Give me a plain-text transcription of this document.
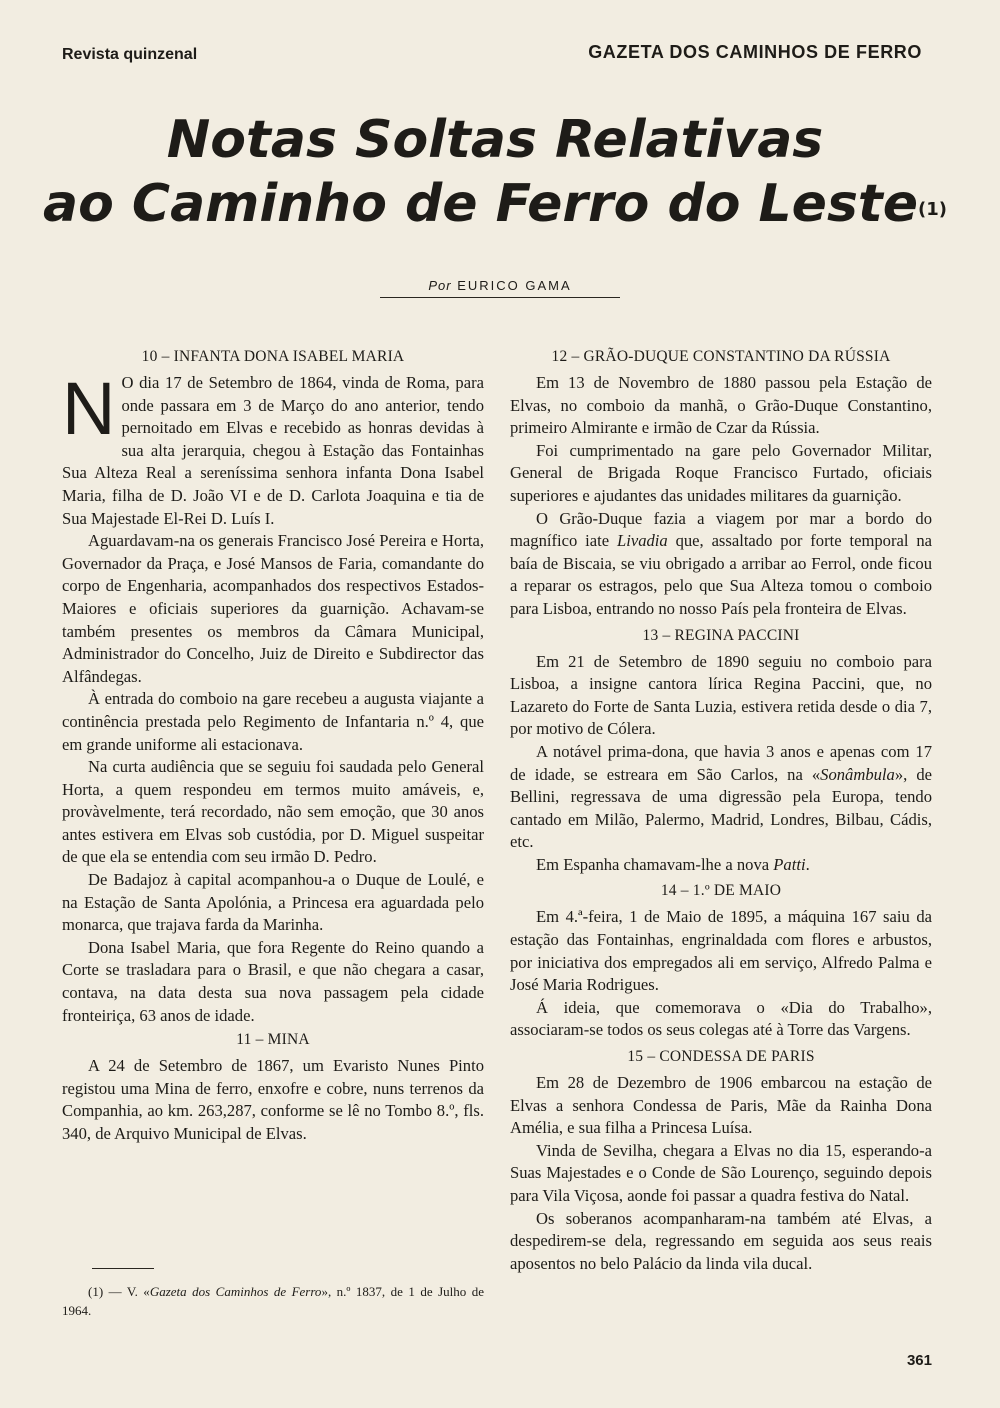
Revista quinzenal	GAZETA DOS CAMINHOS DE FERRO
Notas Soltas Relativas
ao Caminho de Ferro do Leste$^{(1)}$
Por EURICO GAMA
10 – INFANTA DONA ISABEL MARIA

N O dia 17 de Setembro de 1864, vinda de Roma, para onde passara em 3 de Março do ano anterior, tendo pernoitado em Elvas e recebido as honras devidas à sua alta jerarquia, chegou à Estação das Fontainhas Sua Alteza Real a sereníssima senhora infanta Dona Isabel Maria, filha de D. João VI e de D. Carlota Joaquina e tia de Sua Majestade El-Rei D. Luís I.

Aguardavam-na os generais Francisco José Pereira e Horta, Governador da Praça, e José Mansos de Faria, comandante do corpo de Engenharia, acompanhados dos respectivos Estados-Maiores e oficiais superiores da guarnição. Achavam-se também presentes os membros da Câmara Municipal, Administrador do Concelho, Juiz de Direito e Subdirector das Alfândegas.

À entrada do comboio na gare recebeu a augusta viajante a continência prestada pelo Regimento de Infantaria n.º 4, que em grande uniforme ali estacionava.

Na curta audiência que se seguiu foi saudada pelo General Horta, a quem respondeu em termos muito amáveis, e, provàvelmente, terá recordado, não sem emoção, que 30 anos antes estivera em Elvas sob custódia, por D. Miguel suspeitar de que ela se entendia com seu irmão D. Pedro.

De Badajoz à capital acompanhou-a o Duque de Loulé, e na Estação de Santa Apolónia, a Princesa era aguardada pelo monarca, que trajava farda da Marinha.

Dona Isabel Maria, que fora Regente do Reino quando a Corte se trasladara para o Brasil, e que não chegara a casar, contava, na data desta sua nova passagem pela cidade fronteiriça, 63 anos de idade.

11 – MINA

A 24 de Setembro de 1867, um Evaristo Nunes Pinto registou uma Mina de ferro, enxofre e cobre, nuns terrenos da Companhia, ao km. 263,287, conforme se lê no Tombo 8.º, fls. 340, de Arquivo Municipal de Elvas.

(1) — V. «Gazeta dos Caminhos de Ferro», n.º 1837, de 1 de Julho de 1964.
12 – GRÃO-DUQUE CONSTANTINO DA RÚSSIA

Em 13 de Novembro de 1880 passou pela Estação de Elvas, no comboio da manhã, o Grão-Duque Constantino, primeiro Almirante e irmão de Czar da Rússia.

Foi cumprimentado na gare pelo Governador Militar, General de Brigada Roque Francisco Furtado, oficiais superiores e ajudantes das unidades militares da guarnição.

O Grão-Duque fazia a viagem por mar a bordo do magnífico iate Livadia que, assaltado por forte temporal na baía de Biscaia, se viu obrigado a arribar ao Ferrol, onde ficou a reparar os estragos, pelo que Sua Alteza tomou o comboio para Lisboa, entrando no nosso País pela fronteira de Elvas.

13 – REGINA PACCINI

Em 21 de Setembro de 1890 seguiu no comboio para Lisboa, a insigne cantora lírica Regina Paccini, que, no Lazareto do Forte de Santa Luzia, estivera retida desde o dia 7, por motivo de Cólera.

A notável prima-dona, que havia 3 anos e apenas com 17 de idade, se estreara em São Carlos, na «Sonâmbula», de Bellini, regressava de uma digressão pela Europa, tendo cantado em Milão, Palermo, Madrid, Londres, Bilbau, Cádis, etc.

Em Espanha chamavam-lhe a nova Patti.

14 – 1.º DE MAIO

Em 4.ª-feira, 1 de Maio de 1895, a máquina 167 saiu da estação das Fontainhas, engrinaldada com flores e arbustos, por iniciativa dos empregados ali em serviço, Alfredo Palma e José Maria Rodrigues.

Á ideia, que comemorava o «Dia do Trabalho», associaram-se todos os seus colegas até à Torre das Vargens.

15 – CONDESSA DE PARIS

Em 28 de Dezembro de 1906 embarcou na estação de Elvas a senhora Condessa de Paris, Mãe da Rainha Dona Amélia, e sua filha a Princesa Luísa.

Vinda de Sevilha, chegara a Elvas no dia 15, esperando-a Suas Majestades e o Conde de São Lourenço, seguindo depois para Vila Viçosa, aonde foi passar a quadra festiva do Natal.

Os soberanos acompanharam-na também até Elvas, a despedirem-se dela, regressando em seguida aos seus reais aposentos no belo Palácio da linda vila ducal.

361
